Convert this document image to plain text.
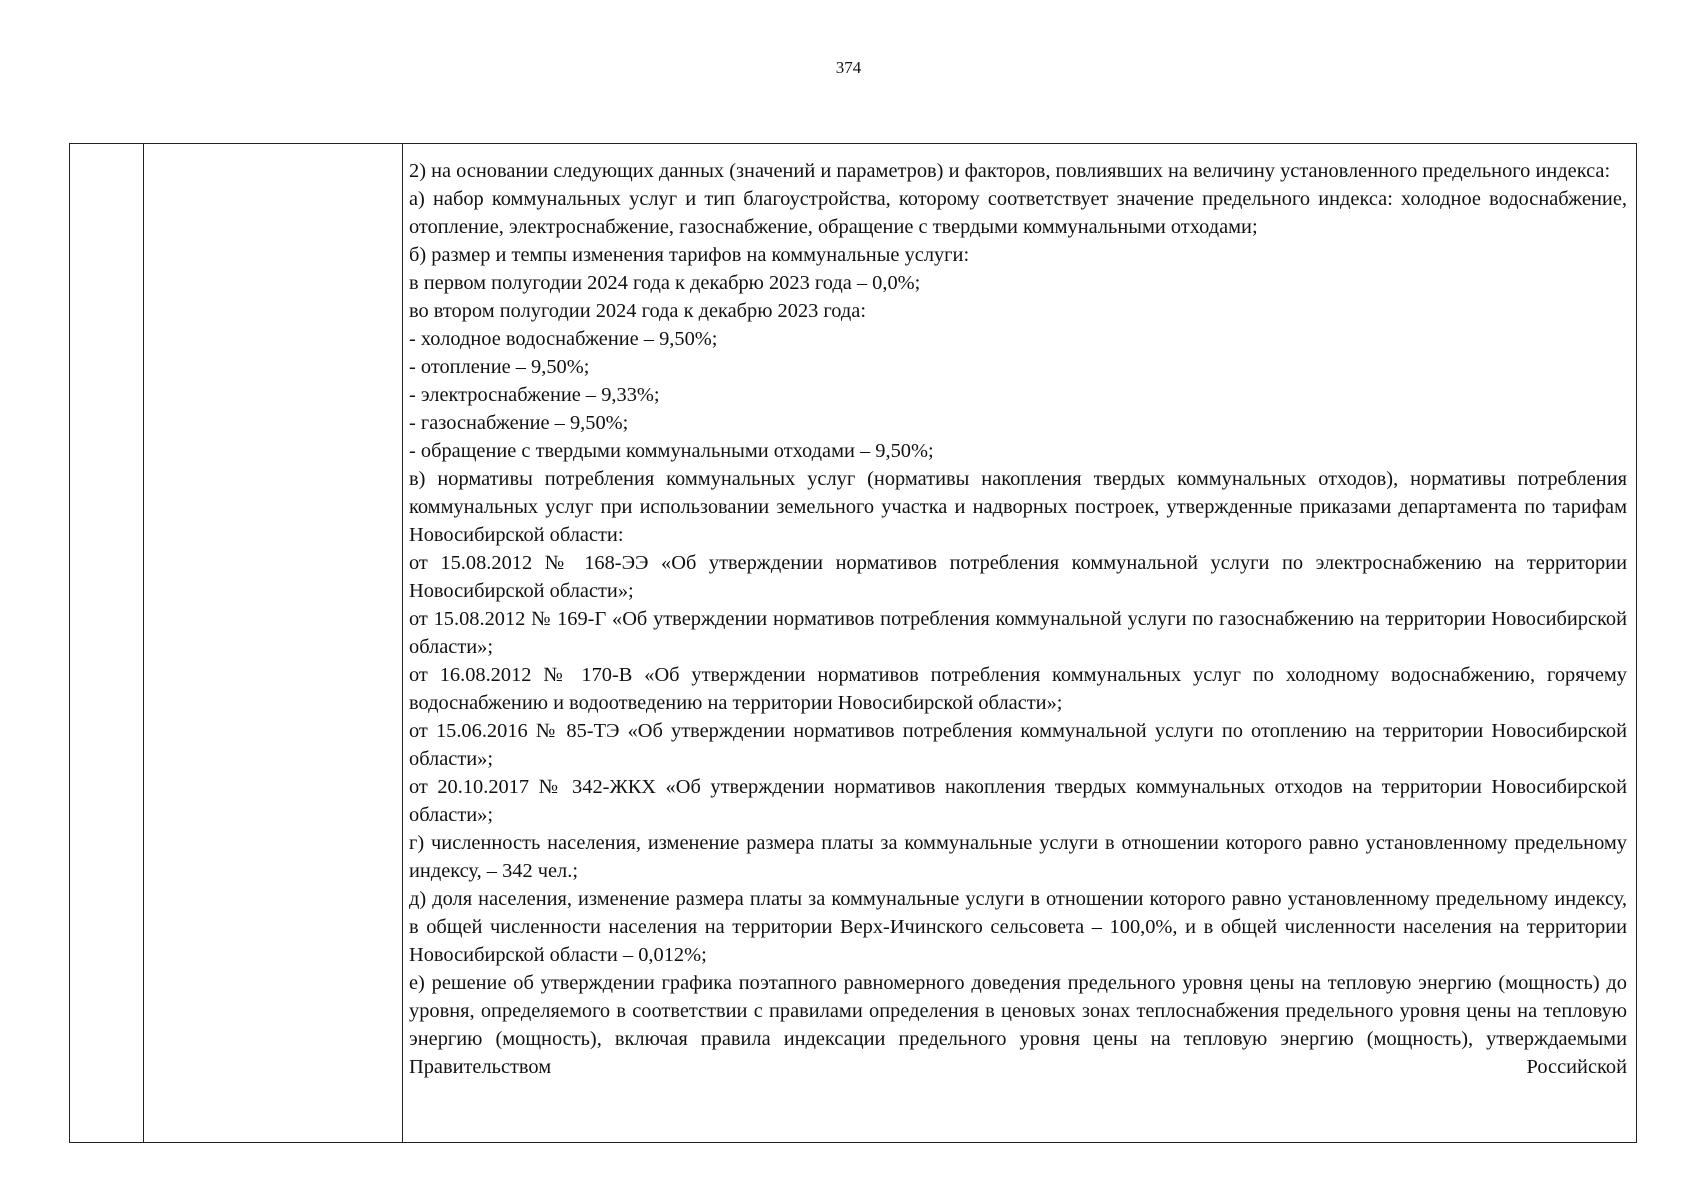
374

2) на основании следующих данных (значений и параметров) и факторов, повлиявших на величину установленного предельного индекса:

а) набор коммунальных услуг и тип благоустройства, которому соответствует значение предельного индекса: холодное водоснабжение, отопление, электроснабжение, газоснабжение, обращение с твердыми коммунальными отходами;

б) размер и темпы изменения тарифов на коммунальные услуги:

в первом полугодии 2024 года к декабрю 2023 года – 0,0%;

во втором полугодии 2024 года к декабрю 2023 года:

- холодное водоснабжение – 9,50%;

- отопление – 9,50%;

- электроснабжение – 9,33%;

- газоснабжение – 9,50%;

- обращение с твердыми коммунальными отходами – 9,50%;

в) нормативы потребления коммунальных услуг (нормативы накопления твердых коммунальных отходов), нормативы потребления коммунальных услуг при использовании земельного участка и надворных построек, утвержденные приказами департамента по тарифам Новосибирской области:

от 15.08.2012 № 168-ЭЭ «Об утверждении нормативов потребления коммунальной услуги по электроснабжению на территории Новосибирской области»;

от 15.08.2012 № 169-Г «Об утверждении нормативов потребления коммунальной услуги по газоснабжению на территории Новосибирской области»;

от 16.08.2012 № 170-В «Об утверждении нормативов потребления коммунальных услуг по холодному водоснабжению, горячему водоснабжению и водоотведению на территории Новосибирской области»;

от 15.06.2016 № 85-ТЭ «Об утверждении нормативов потребления коммунальной услуги по отоплению на территории Новосибирской области»;

от 20.10.2017 № 342-ЖКХ «Об утверждении нормативов накопления твердых коммунальных отходов на территории Новосибирской области»;

г) численность населения, изменение размера платы за коммунальные услуги в отношении которого равно установленному предельному индексу, – 342 чел.;

д) доля населения, изменение размера платы за коммунальные услуги в отношении которого равно установленному предельному индексу, в общей численности населения на территории Верх-Ичинского сельсовета – 100,0%, и в общей численности населения на территории Новосибирской области – 0,012%;

е) решение об утверждении графика поэтапного равномерного доведения предельного уровня цены на тепловую энергию (мощность) до уровня, определяемого в соответствии с правилами определения в ценовых зонах теплоснабжения предельного уровня цены на тепловую энергию (мощность), включая правила индексации предельного уровня цены на тепловую энергию (мощность), утверждаемыми Правительством Российской
